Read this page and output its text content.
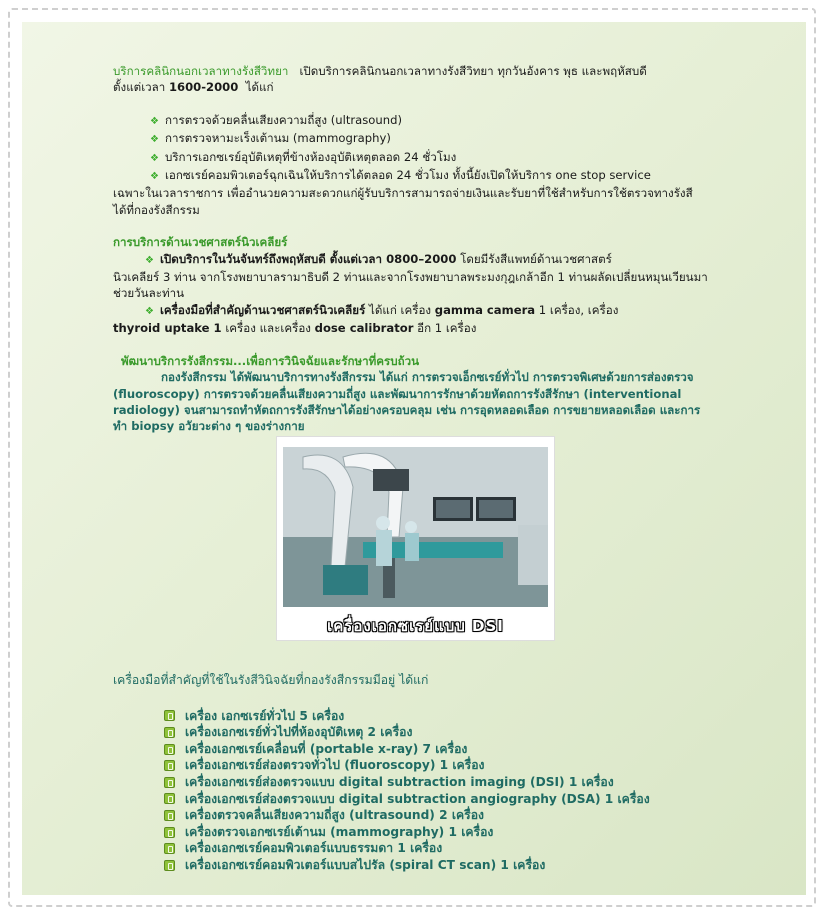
บริการคลินิกนอกเวลาทางรังสีวิทยา เปิดบริการคลินิกนอกเวลาทางรังสีวิทยา ทุกวันอังคาร พุธ และพฤหัสบดี
ตั้งแต่เวลา 1600-2000 ได้แก่

❖ การตรวจด้วยคลื่นเสียงความถี่สูง (ultrasound)

❖ การตรวจหามะเร็งเต้านม (mammography)

❖ บริการเอกซเรย์อุบัติเหตุที่ข้างห้องอุบัติเหตุตลอด 24 ชั่วโมง

❖ เอกซเรย์คอมพิวเตอร์ฉุกเฉินให้บริการได้ตลอด 24 ชั่วโมง ทั้งนี้ยังเปิดให้บริการ one stop service

เฉพาะในเวลาราชการ เพื่ออำนวยความสะดวกแก่ผู้รับบริการสามารถจ่ายเงินและรับยาที่ใช้สำหรับการใช้ตรวจทางรังสีได้ที่กองรังสีกรรม

การบริการด้านเวชศาสตร์นิวเคลียร์

❖ เปิดบริการในวันจันทร์ถึงพฤหัสบดี ตั้งแต่เวลา 0800–2000 โดยมีรังสีแพทย์ด้านเวชศาสตร์
นิวเคลียร์ 3 ท่าน จากโรงพยาบาลรามาธิบดี 2 ท่านและจากโรงพยาบาลพระมงกุฎเกล้าอีก 1 ท่านผลัดเปลี่ยนหมุนเวียนมาช่วยวันละท่าน

❖ เครื่องมือที่สำคัญด้านเวชศาสตร์นิวเคลียร์ ได้แก่ เครื่อง gamma camera 1 เครื่อง, เครื่อง
thyroid uptake 1 เครื่อง และเครื่อง dose calibrator อีก 1 เครื่อง

พัฒนาบริการรังสีกรรม...เพื่อการวินิจฉัยและรักษาที่ครบถ้วน

กองรังสีกรรม ได้พัฒนาบริการทางรังสีกรรม ได้แก่ การตรวจเอ็กซเรย์ทั่วไป การตรวจพิเศษด้วยการส่องตรวจ (fluoroscopy) การตรวจด้วยคลื่นเสียงความถี่สูง และพัฒนาการรักษาด้วยหัตถการรังสีรักษา (interventional radiology) จนสามารถทำหัตถการรังสีรักษาได้อย่างครอบคลุม เช่น การอุดหลอดเลือด การขยายหลอดเลือด และการทำ biopsy อวัยวะต่าง ๆ ของร่างกาย

เครื่องเอกซเรย์แบบ DSI

เครื่องมือที่สำคัญที่ใช้ในรังสีวินิจฉัยที่กองรังสีกรรมมีอยู่ ได้แก่

เครื่อง เอกซเรย์ทั่วไป 5 เครื่อง
เครื่องเอกซเรย์ทั่วไปที่ห้องอุบัติเหตุ 2 เครื่อง
เครื่องเอกซเรย์เคลื่อนที่ (portable x-ray) 7 เครื่อง
เครื่องเอกซเรย์ส่องตรวจทั่วไป (fluoroscopy) 1 เครื่อง
เครื่องเอกซเรย์ส่องตรวจแบบ digital subtraction imaging (DSI) 1 เครื่อง
เครื่องเอกซเรย์ส่องตรวจแบบ digital subtraction angiography (DSA) 1 เครื่อง
เครื่องตรวจคลื่นเสียงความถี่สูง (ultrasound) 2 เครื่อง
เครื่องตรวจเอกซเรย์เต้านม (mammography) 1 เครื่อง
เครื่องเอกซเรย์คอมพิวเตอร์แบบธรรมดา 1 เครื่อง
เครื่องเอกซเรย์คอมพิวเตอร์แบบสไปรัล (spiral CT scan) 1 เครื่อง
